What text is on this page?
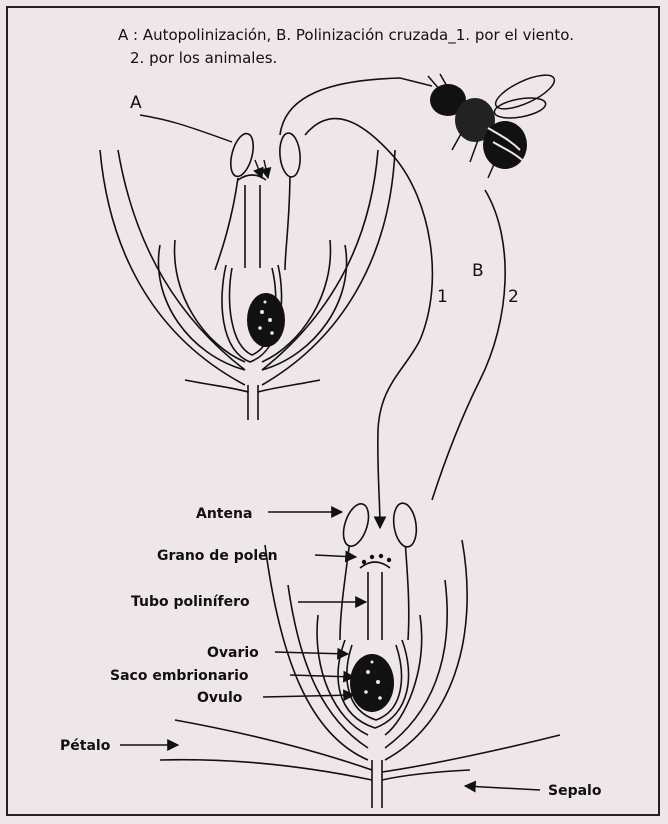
A : Autopolinización, B. Polinización cruzada_1. por el viento.
2. por los animales.
A
B
1	2
Antena
Grano de polen
Tubo polinífero
Ovario
Saco embrionario
Ovulo
Pétalo
Sepalo
